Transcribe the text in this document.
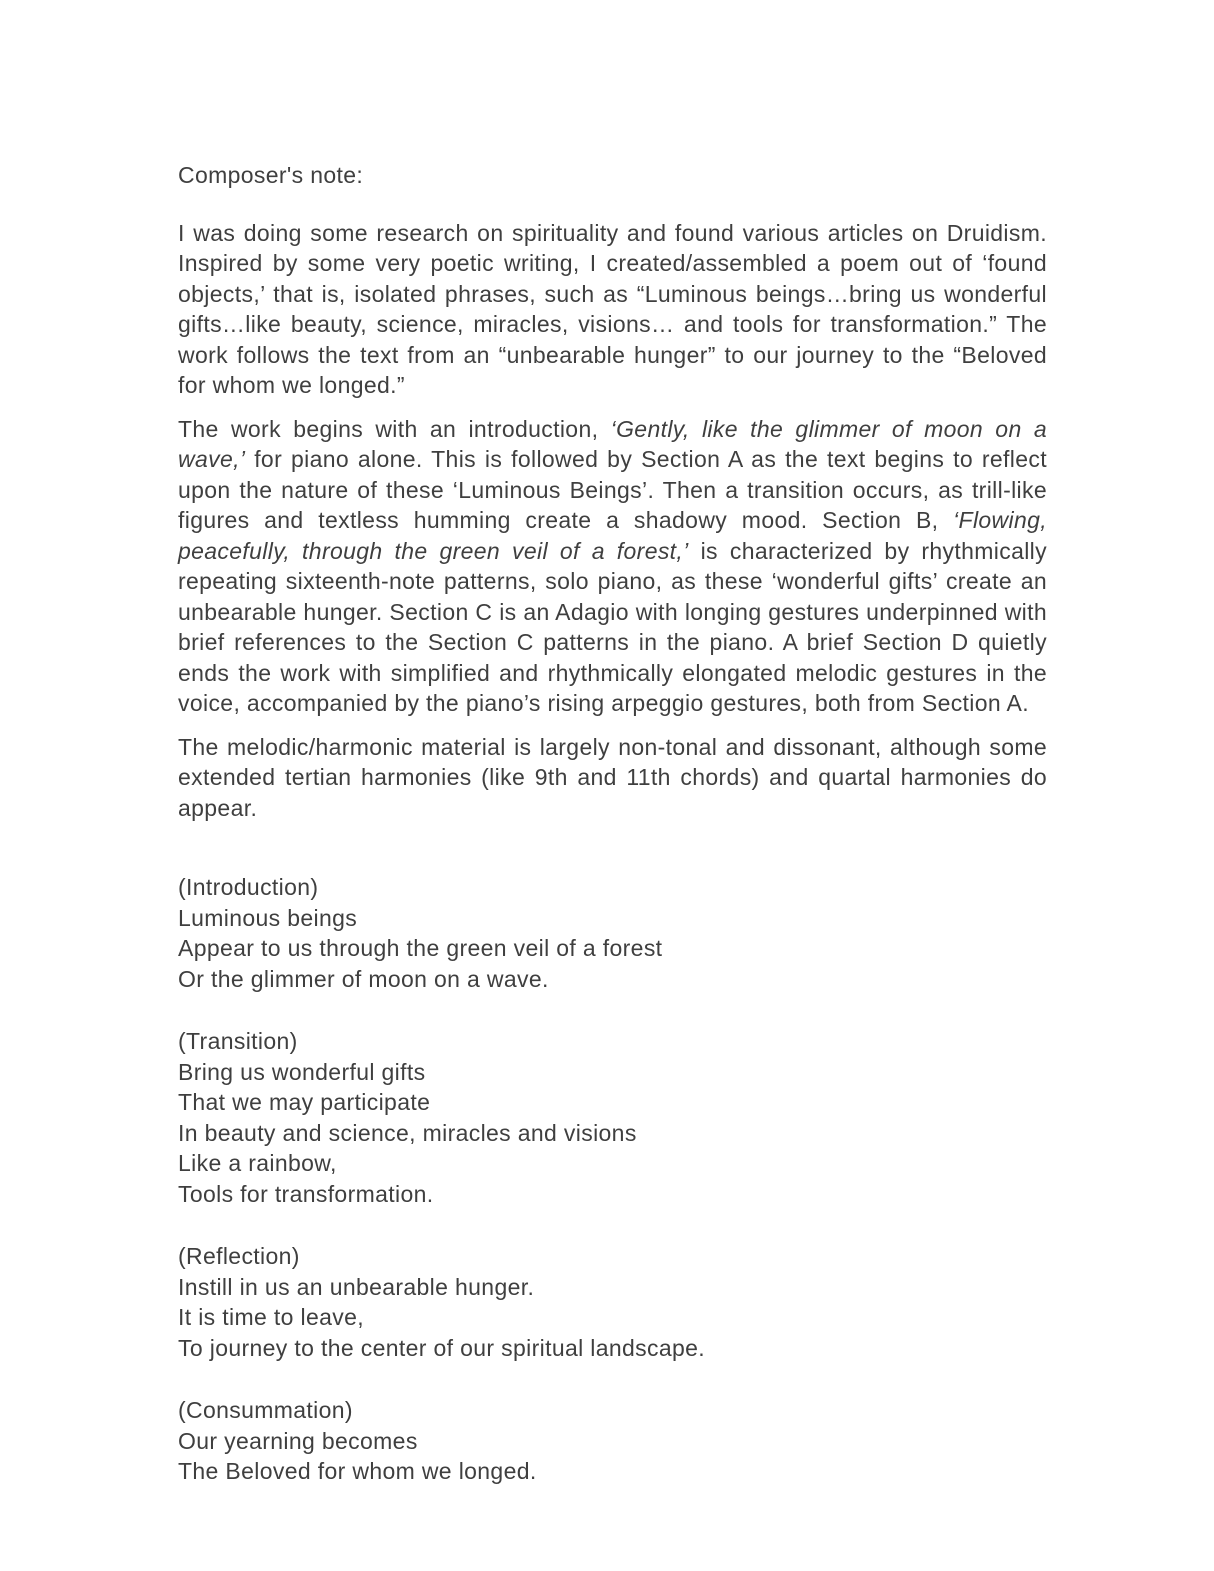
Composer's note:

I was doing some research on spirituality and found various articles on Druidism. Inspired by some very poetic writing, I created/assembled a poem out of ‘found objects,’ that is, isolated phrases, such as “Luminous beings…bring us wonderful gifts…like beauty, science, miracles, visions… and tools for transformation.” The work follows the text from an “unbearable hunger” to our journey to the “Beloved for whom we longed.”

The work begins with an introduction, ‘Gently, like the glimmer of moon on a wave,’ for piano alone. This is followed by Section A as the text begins to reflect upon the nature of these ‘Luminous Beings’. Then a transition occurs, as trill-like figures and textless humming create a shadowy mood. Section B, ‘Flowing, peacefully, through the green veil of a forest,’ is characterized by rhythmically repeating sixteenth-note patterns, solo piano, as these ‘wonderful gifts’ create an unbearable hunger. Section C is an Adagio with longing gestures underpinned with brief references to the Section C patterns in the piano. A brief Section D quietly ends the work with simplified and rhythmically elongated melodic gestures in the voice, accompanied by the piano’s rising arpeggio gestures, both from Section A.

The melodic/harmonic material is largely non-tonal and dissonant, although some extended tertian harmonies (like 9th and 11th chords) and quartal harmonies do appear.

(Introduction)
Luminous beings
Appear to us through the green veil of a forest
Or the glimmer of moon on a wave.
(Transition)
Bring us wonderful gifts
That we may participate
In beauty and science, miracles and visions
Like a rainbow,
Tools for transformation.
(Reflection)
Instill in us an unbearable hunger.
It is time to leave,
To journey to the center of our spiritual landscape.
(Consummation)
Our yearning becomes
The Beloved for whom we longed.
